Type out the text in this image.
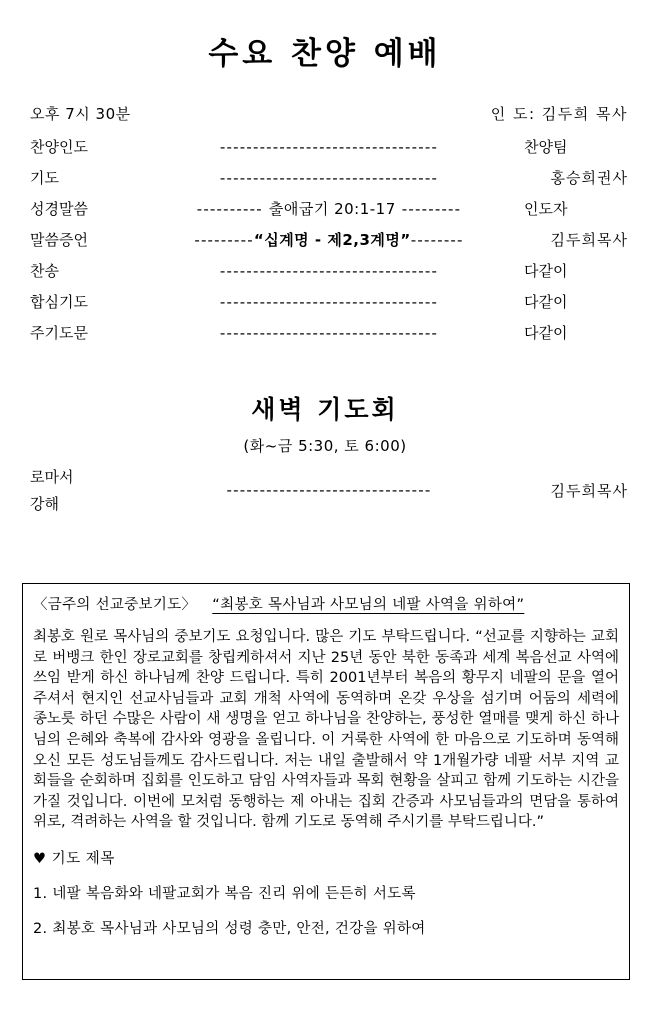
수요 찬양 예배
오후 7시 30분	인 도: 김두희 목사
찬양인도	---------------------------------	찬양팀
기도	---------------------------------	홍승희권사
성경말씀	---------- 출애굽기 20:1-17 ---------	인도자
말씀증언	---------“십계명 - 제2,3계명”--------	김두희목사
찬송	---------------------------------	다같이
합심기도	---------------------------------	다같이
주기도문	---------------------------------	다같이
새벽 기도회

(화~금 5:30, 토 6:00)

로마서
강해
-------------------------------	김두희목사
〈금주의 선교중보기도〉 “최봉호 목사님과 사모님의 네팔 사역을 위하여”
최봉호 원로 목사님의 중보기도 요청입니다. 많은 기도 부탁드립니다. “선교를 지향하는 교회로 버뱅크 한인 장로교회를 창립케하셔서 지난 25년 동안 북한 동족과 세계 복음선교 사역에 쓰임 받게 하신 하나님께 찬양 드립니다. 특히 2001년부터 복음의 황무지 네팔의 문을 열어 주셔서 현지인 선교사님들과 교회 개척 사역에 동역하며 온갖 우상을 섬기며 어둠의 세력에 종노릇 하던 수많은 사람이 새 생명을 얻고 하나님을 찬양하는, 풍성한 열매를 맺게 하신 하나님의 은혜와 축복에 감사와 영광을 올립니다. 이 거룩한 사역에 한 마음으로 기도하며 동역해 오신 모든 성도님들께도 감사드립니다. 저는 내일 출발해서 약 1개월가량 네팔 서부 지역 교회들을 순회하며 집회를 인도하고 담임 사역자들과 목회 현황을 살피고 함께 기도하는 시간을 가질 것입니다. 이번에 모처럼 동행하는 제 아내는 집회 간증과 사모님들과의 면담을 통하여 위로, 격려하는 사역을 할 것입니다. 함께 기도로 동역해 주시기를 부탁드립니다.”
♥ 기도 제목
1. 네팔 복음화와 네팔교회가 복음 진리 위에 든든히 서도록
2. 최봉호 목사님과 사모님의 성령 충만, 안전, 건강을 위하여
